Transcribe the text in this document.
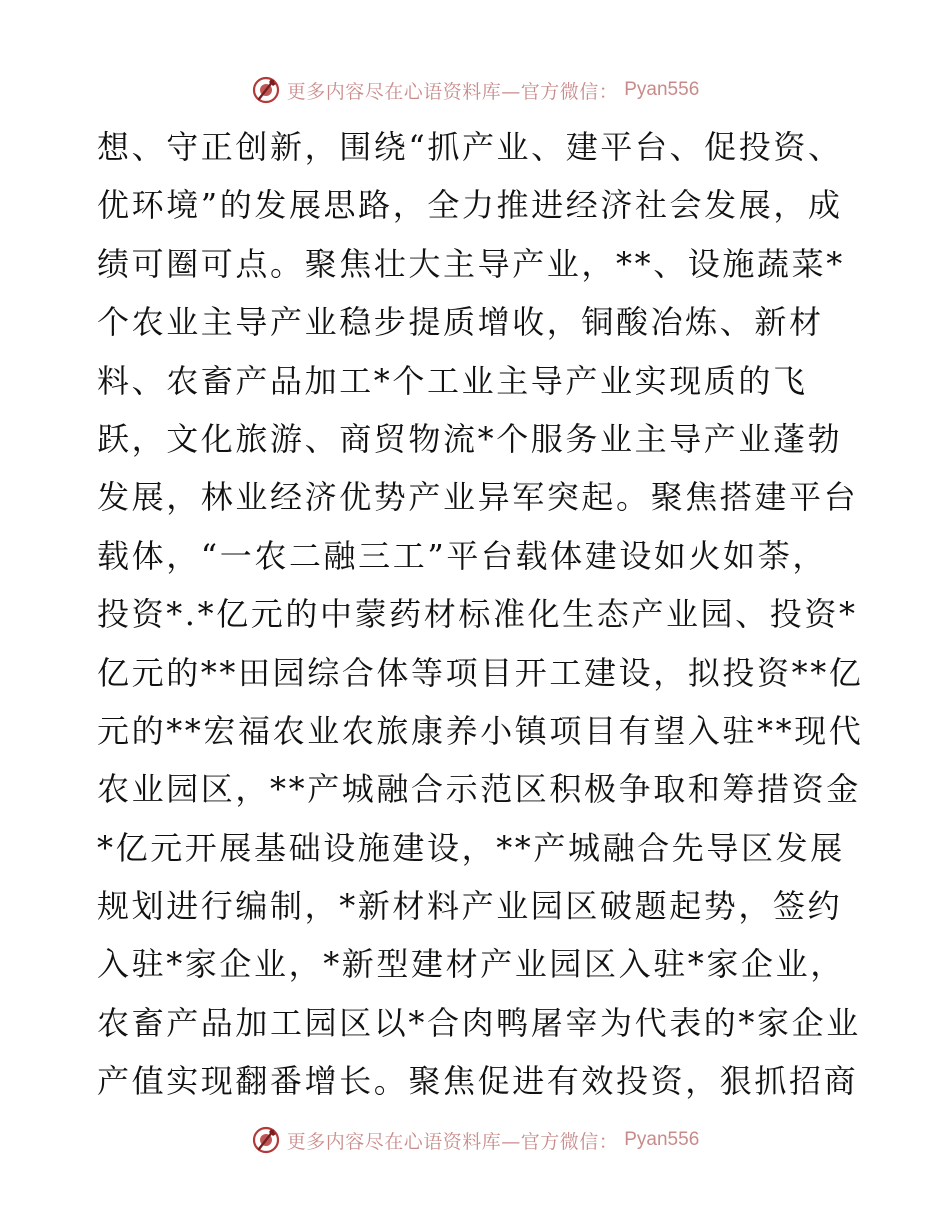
更多内容尽在心语资料库—官方微信： Pyan556
想、守正创新，围绕“抓产业、建平台、促投资、
优环境”的发展思路，全力推进经济社会发展，成
绩可圈可点。聚焦壮大主导产业，**、设施蔬菜*
个农业主导产业稳步提质增收，铜酸冶炼、新材
料、农畜产品加工*个工业主导产业实现质的飞
跃，文化旅游、商贸物流*个服务业主导产业蓬勃
发展，林业经济优势产业异军突起。聚焦搭建平台
载体，“一农二融三工”平台载体建设如火如荼，
投资*.*亿元的中蒙药材标准化生态产业园、投资*
亿元的**田园综合体等项目开工建设，拟投资**亿
元的**宏福农业农旅康养小镇项目有望入驻**现代
农业园区，**产城融合示范区积极争取和筹措资金
*亿元开展基础设施建设，**产城融合先导区发展
规划进行编制，*新材料产业园区破题起势，签约
入驻*家企业，*新型建材产业园区入驻*家企业，
农畜产品加工园区以*合肉鸭屠宰为代表的*家企业
产值实现翻番增长。聚焦促进有效投资，狠抓招商
更多内容尽在心语资料库—官方微信： Pyan556
